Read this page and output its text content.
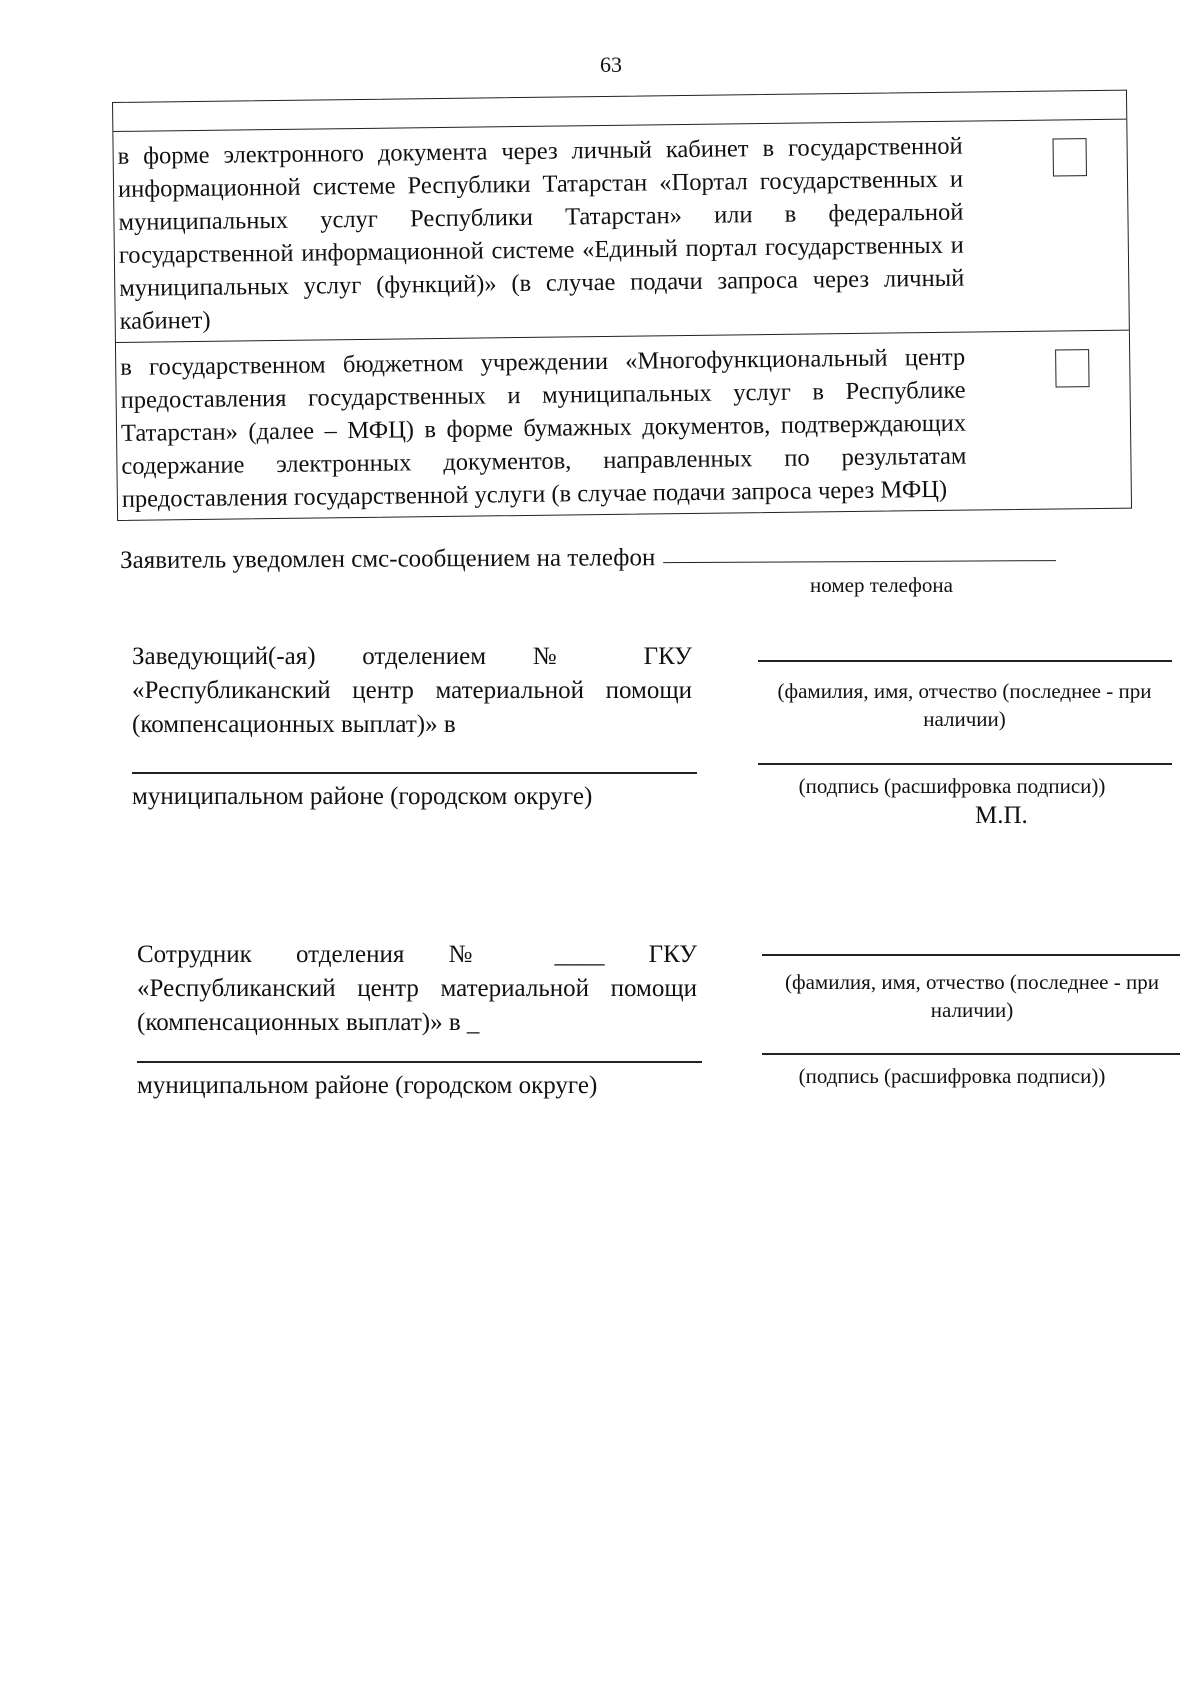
63
в форме электронного документа через личный кабинет в государственной информационной системе Республики Татарстан «Портал государственных и муниципальных услуг Республики Татарстан» или в федеральной государственной информационной системе «Единый портал государственных и муниципальных услуг (функций)» (в случае подачи запроса через личный кабинет)
в государственном бюджетном учреждении «Многофункциональный центр предоставления государственных и муниципальных услуг в Республике Татарстан» (далее – МФЦ) в форме бумажных документов, подтверждающих содержание электронных документов, направленных по результатам предоставления государственной услуги (в случае подачи запроса через МФЦ)
Заявитель уведомлен смс-сообщением на телефон
номер телефона
Заведующий(-ая) отделением № ГКУ «Республиканский центр материальной помощи (компенсационных выплат)» в
муниципальном районе (городском округе)
(фамилия, имя, отчество (последнее - при наличии)
(подпись (расшифровка подписи))
М.П.
Сотрудник отделения № ____ ГКУ «Республиканский центр материальной помощи (компенсационных выплат)» в _
муниципальном районе (городском округе)
(фамилия, имя, отчество (последнее - при наличии)
(подпись (расшифровка подписи))
